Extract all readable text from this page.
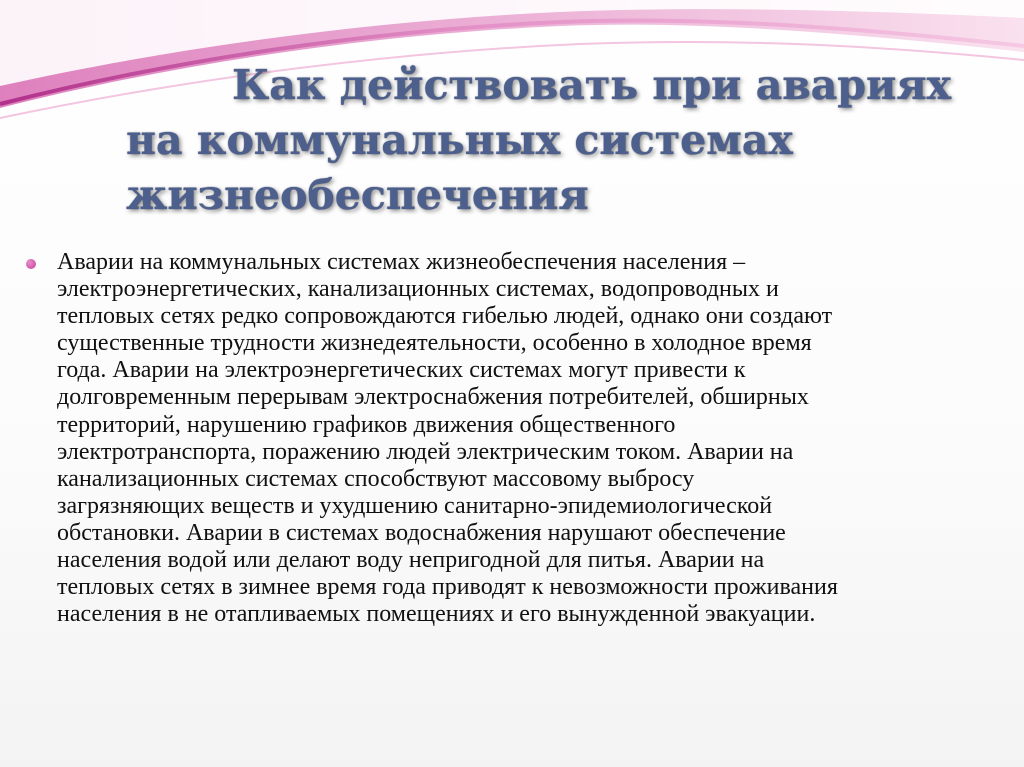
Как действовать при авариях
на коммунальных системах
жизнеобеспечения

Аварии на коммунальных системах жизнеобеспечения населения –
электроэнергетических, канализационных системах, водопроводных и
тепловых сетях редко сопровождаются гибелью людей, однако они создают
существенные трудности жизнедеятельности, особенно в холодное время
года. Аварии на электроэнергетических системах могут привести к
долговременным перерывам электроснабжения потребителей, обширных
территорий, нарушению графиков движения общественного
электротранспорта, поражению людей электрическим током. Аварии на
канализационных системах способствуют массовому выбросу
загрязняющих веществ и ухудшению санитарно-эпидемиологической
обстановки. Аварии в системах водоснабжения нарушают обеспечение
населения водой или делают воду непригодной для питья. Аварии на
тепловых сетях в зимнее время года приводят к невозможности проживания
населения в не отапливаемых помещениях и его вынужденной эвакуации.
